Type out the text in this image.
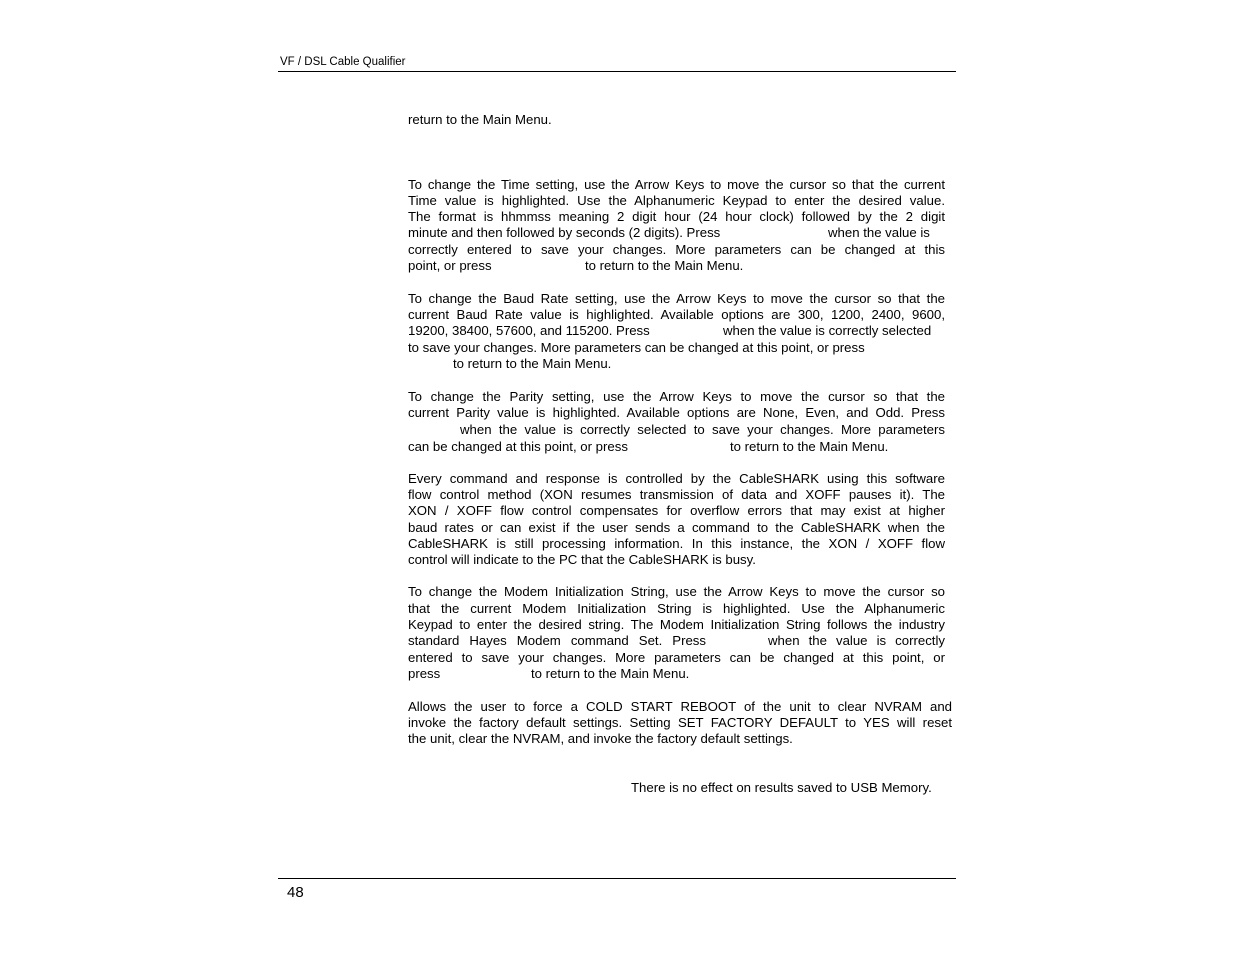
VF / DSL Cable Qualifier
return to the Main Menu.
To change the Time setting, use the Arrow Keys to move the cursor so that the current
Time value is highlighted. Use the Alphanumeric Keypad to enter the desired value.
The format is hhmmss meaning 2 digit hour (24 hour clock) followed by the 2 digit
minute and then followed by seconds (2 digits). Press	when the value is
correctly entered to save your changes. More parameters can be changed at this
point, or press	to return to the Main Menu.
To change the Baud Rate setting, use the Arrow Keys to move the cursor so that the
current Baud Rate value is highlighted. Available options are 300, 1200, 2400, 9600,
19200, 38400, 57600, and 115200. Press	when the value is correctly selected
to save your changes. More parameters can be changed at this point, or press
to return to the Main Menu.
To change the Parity setting, use the Arrow Keys to move the cursor so that the
current Parity value is highlighted. Available options are None, Even, and Odd. Press
when the value is correctly selected to save your changes. More parameters
can be changed at this point, or press	to return to the Main Menu.
Every command and response is controlled by the CableSHARK using this software
flow control method (XON resumes transmission of data and XOFF pauses it). The
XON / XOFF flow control compensates for overflow errors that may exist at higher
baud rates or can exist if the user sends a command to the CableSHARK when the
CableSHARK is still processing information. In this instance, the XON / XOFF flow
control will indicate to the PC that the CableSHARK is busy.
To change the Modem Initialization String, use the Arrow Keys to move the cursor so
that the current Modem Initialization String is highlighted. Use the Alphanumeric
Keypad to enter the desired string. The Modem Initialization String follows the industry
standard Hayes Modem command Set. Press	when the value is correctly
entered to save your changes. More parameters can be changed at this point, or
press	to return to the Main Menu.
Allows the user to force a COLD START REBOOT of the unit to clear NVRAM and
invoke the factory default settings. Setting SET FACTORY DEFAULT to YES will reset
the unit, clear the NVRAM, and invoke the factory default settings.
There is no effect on results saved to USB Memory.
48
